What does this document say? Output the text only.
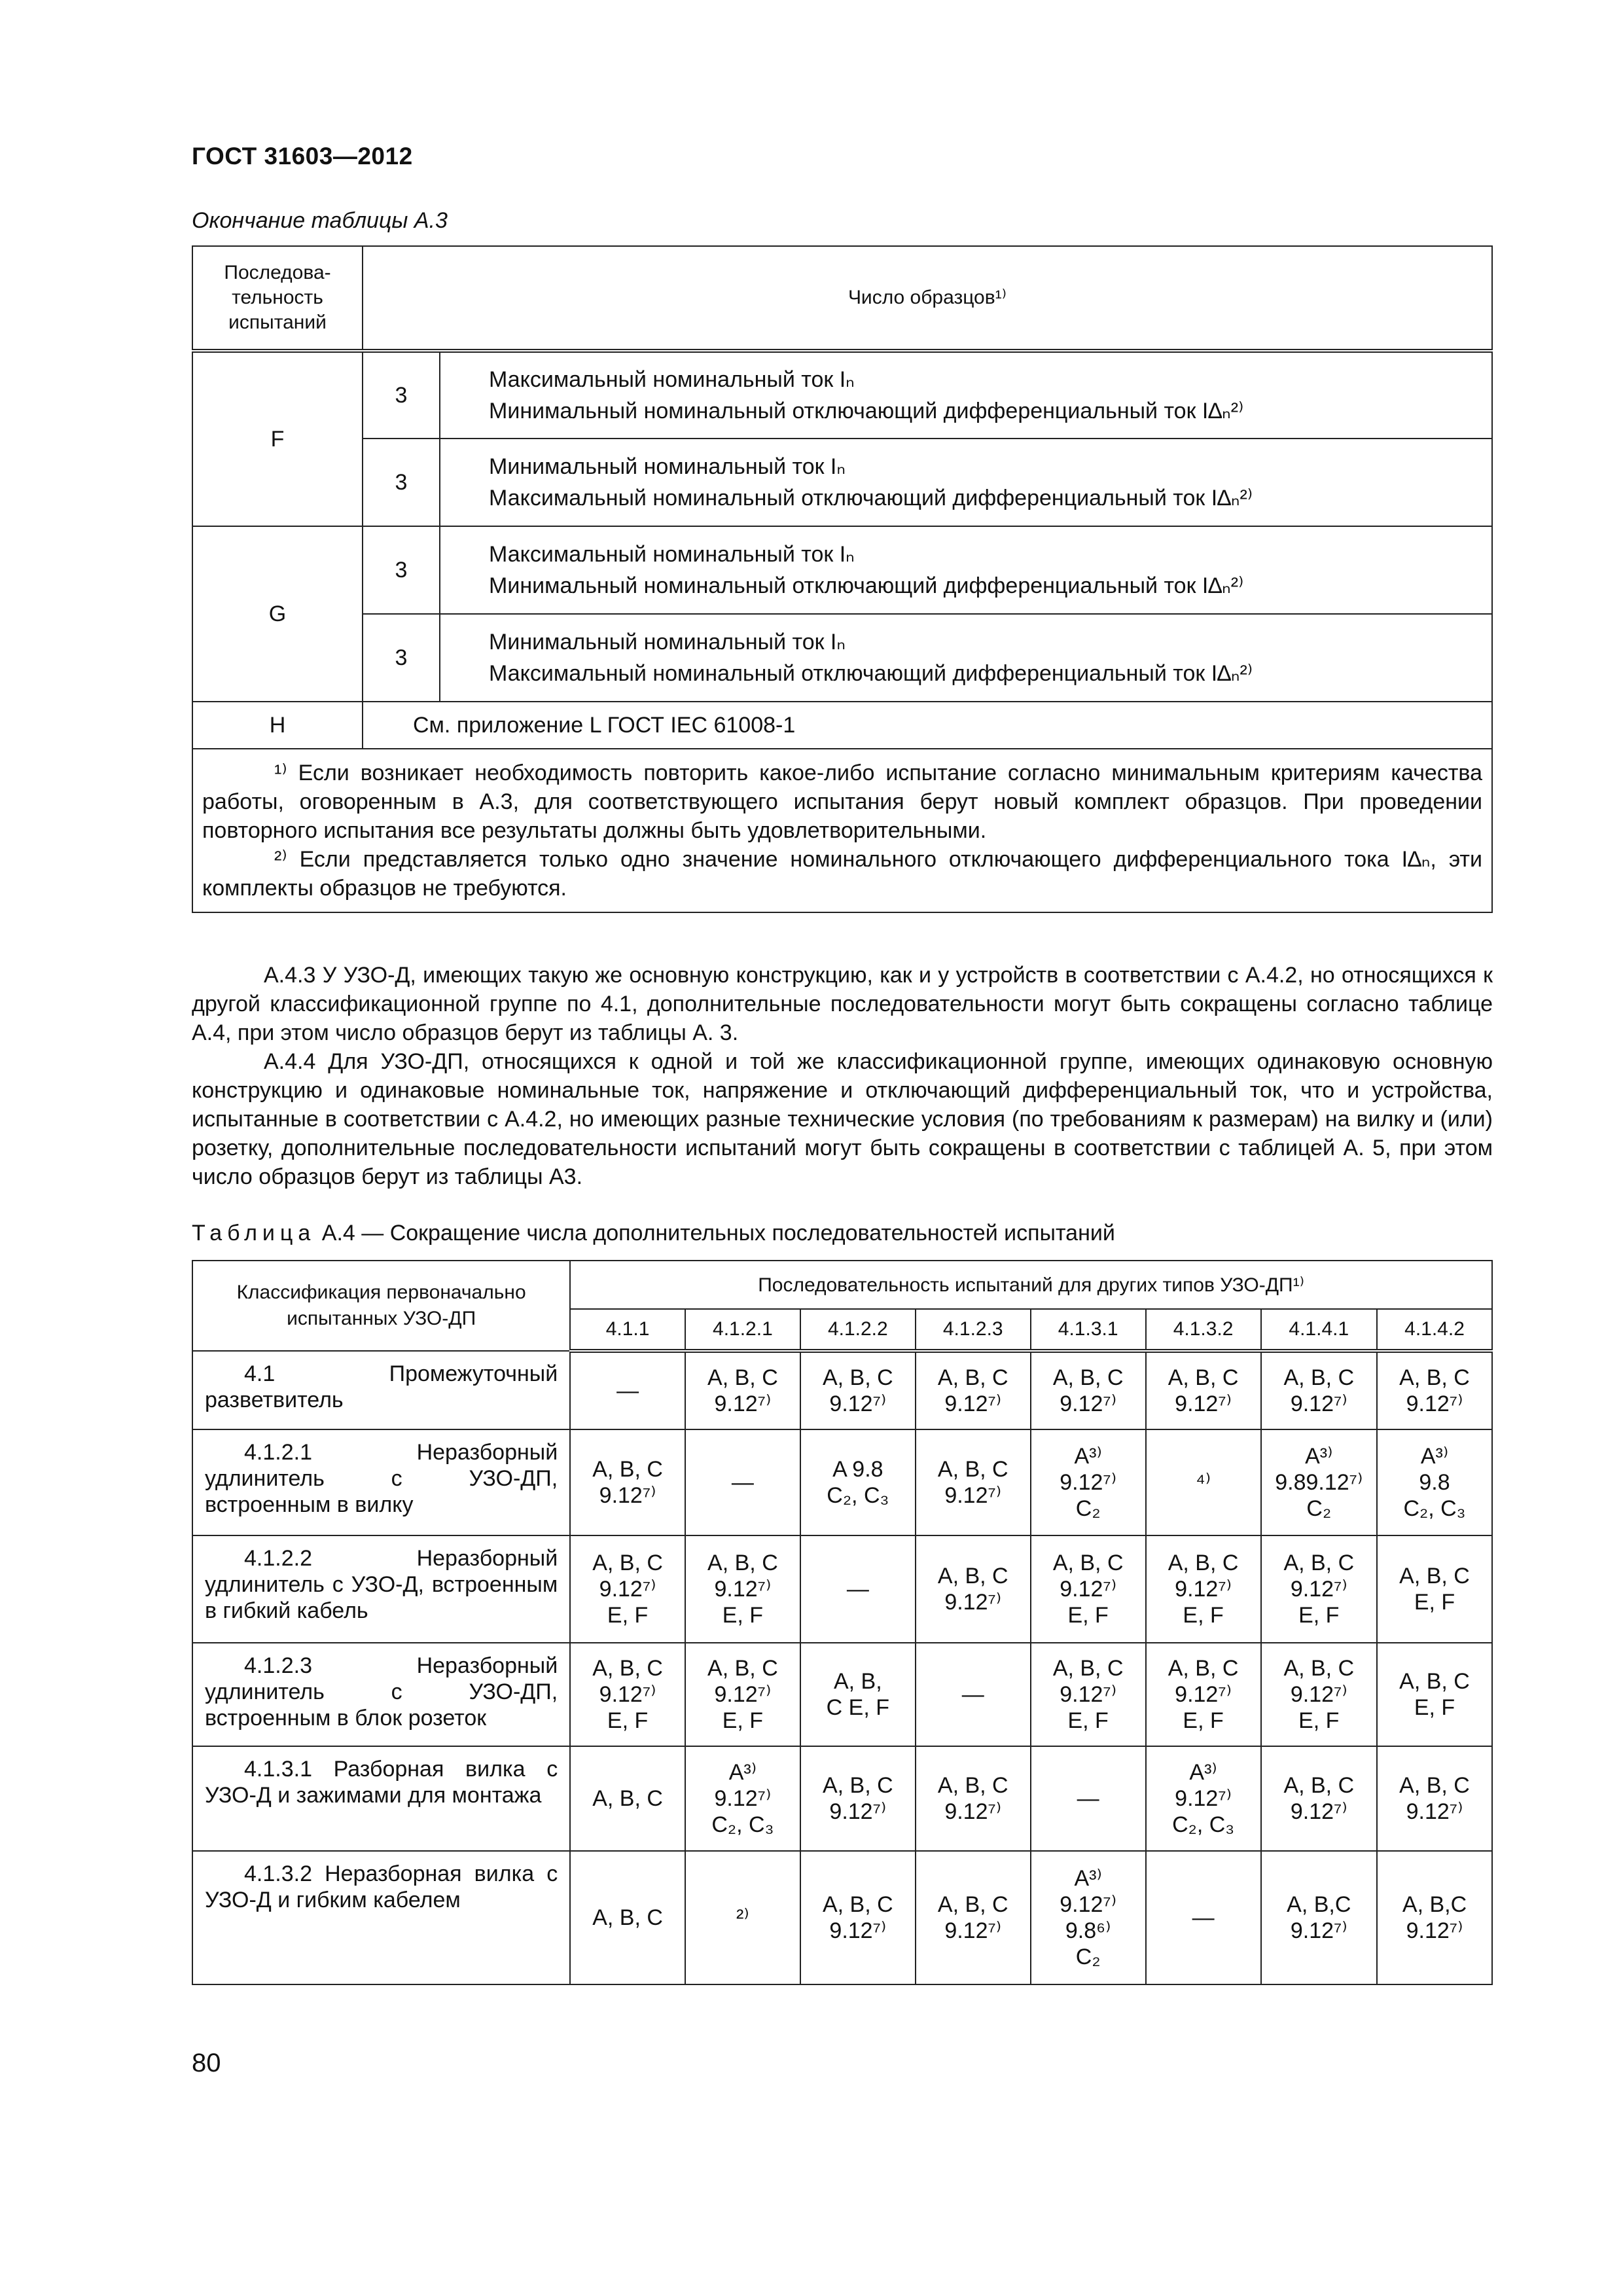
ГОСТ 31603—2012
Окончание таблицы А.3
Последова-
тельность
испытаний	Число образцов¹⁾	
F	3	Максимальный номинальный ток Iₙ
Минимальный номинальный отключающий дифференциальный ток I∆ₙ²⁾

	3	Минимальный номинальный ток Iₙ
Максимальный номинальный отключающий дифференциальный ток I∆ₙ²⁾

G	3	Максимальный номинальный ток Iₙ
Минимальный номинальный отключающий дифференциальный ток I∆ₙ²⁾

	3	Минимальный номинальный ток Iₙ
Максимальный номинальный отключающий дифференциальный ток I∆ₙ²⁾

H	См. приложение L ГОСТ IEC 61008-1	

¹⁾ Если возникает необходимость повторить какое-либо испытание согласно минимальным критериям качества работы, оговоренным в А.3, для соответствующего испытания берут новый комплект образцов. При проведении повторного испытания все результаты должны быть удовлетворительными.

²⁾ Если представляется только одно значение номинального отключающего дифференциального тока I∆ₙ, эти комплекты образцов не требуются.		

А.4.3 У УЗО-Д, имеющих такую же основную конструкцию, как и у устройств в соответствии с А.4.2, но относящихся к другой классификационной группе по 4.1, дополнительные последовательности могут быть сокращены согласно таблице А.4, при этом число образцов берут из таблицы А. 3.

А.4.4 Для УЗО-ДП, относящихся к одной и той же классификационной группе, имеющих одинаковую основную конструкцию и одинаковые номинальные ток, напряжение и отключающий дифференциальный ток, что и устройства, испытанные в соответствии с А.4.2, но имеющих разные технические условия (по требованиям к размерам) на вилку и (или) розетку, дополнительные последовательности испытаний могут быть сокращены в соответствии с таблицей А. 5, при этом число образцов берут из таблицы А3.

Таблица А.4 — Сокращение числа дополнительных последовательностей испытаний
Классификация первоначально испытанных УЗО-ДП	Последовательность испытаний для других типов УЗО-ДП¹⁾							
	4.1.1	4.1.2.1	4.1.2.2	4.1.2.3	4.1.3.1	4.1.3.2	4.1.4.1	4.1.4.2

4.1 Промежуточный разветвитель	—	A, B, C
9.12⁷⁾	A, B, C
9.12⁷⁾	A, B, C
9.12⁷⁾	A, B, C
9.12⁷⁾	A, B, C
9.12⁷⁾	A, B, C
9.12⁷⁾	A, B, C
9.12⁷⁾

4.1.2.1 Неразборный удлинитель с УЗО-ДП, встроенным в вилку	A, B, C
9.12⁷⁾	—	A 9.8
C₂, C₃	A, B, C
9.12⁷⁾	A³⁾
9.12⁷⁾
C₂	⁴⁾	A³⁾
9.89.12⁷⁾
C₂	A³⁾
9.8
C₂, C₃

4.1.2.2 Неразборный удлинитель с УЗО-Д, встроенным в гибкий кабель	A, B, C
9.12⁷⁾
E, F	A, B, C
9.12⁷⁾
E, F	—	A, B, C
9.12⁷⁾	A, B, C
9.12⁷⁾
E, F	A, B, C
9.12⁷⁾
E, F	A, B, C
9.12⁷⁾
E, F	A, B, C
E, F

4.1.2.3 Неразборный удлинитель с УЗО-ДП, встроенным в блок розеток	A, B, C
9.12⁷⁾
E, F	A, B, C
9.12⁷⁾
E, F	A, B,
C E, F	—	A, B, C
9.12⁷⁾
E, F	A, B, C
9.12⁷⁾
E, F	A, B, C
9.12⁷⁾
E, F	A, B, C
E, F

4.1.3.1 Разборная вилка с УЗО-Д и зажимами для монтажа	A, B, C	A³⁾
9.12⁷⁾
C₂, C₃	A, B, C
9.12⁷⁾	A, B, C
9.12⁷⁾	—	A³⁾
9.12⁷⁾
C₂, C₃	A, B, C
9.12⁷⁾	A, B, C
9.12⁷⁾

4.1.3.2 Неразборная вилка с УЗО-Д и гибким кабелем	A, B, C	²⁾	A, B, C
9.12⁷⁾	A, B, C
9.12⁷⁾	A³⁾
9.12⁷⁾
9.8⁶⁾
C₂	—	A, B,C
9.12⁷⁾	A, B,C
9.12⁷⁾
80
